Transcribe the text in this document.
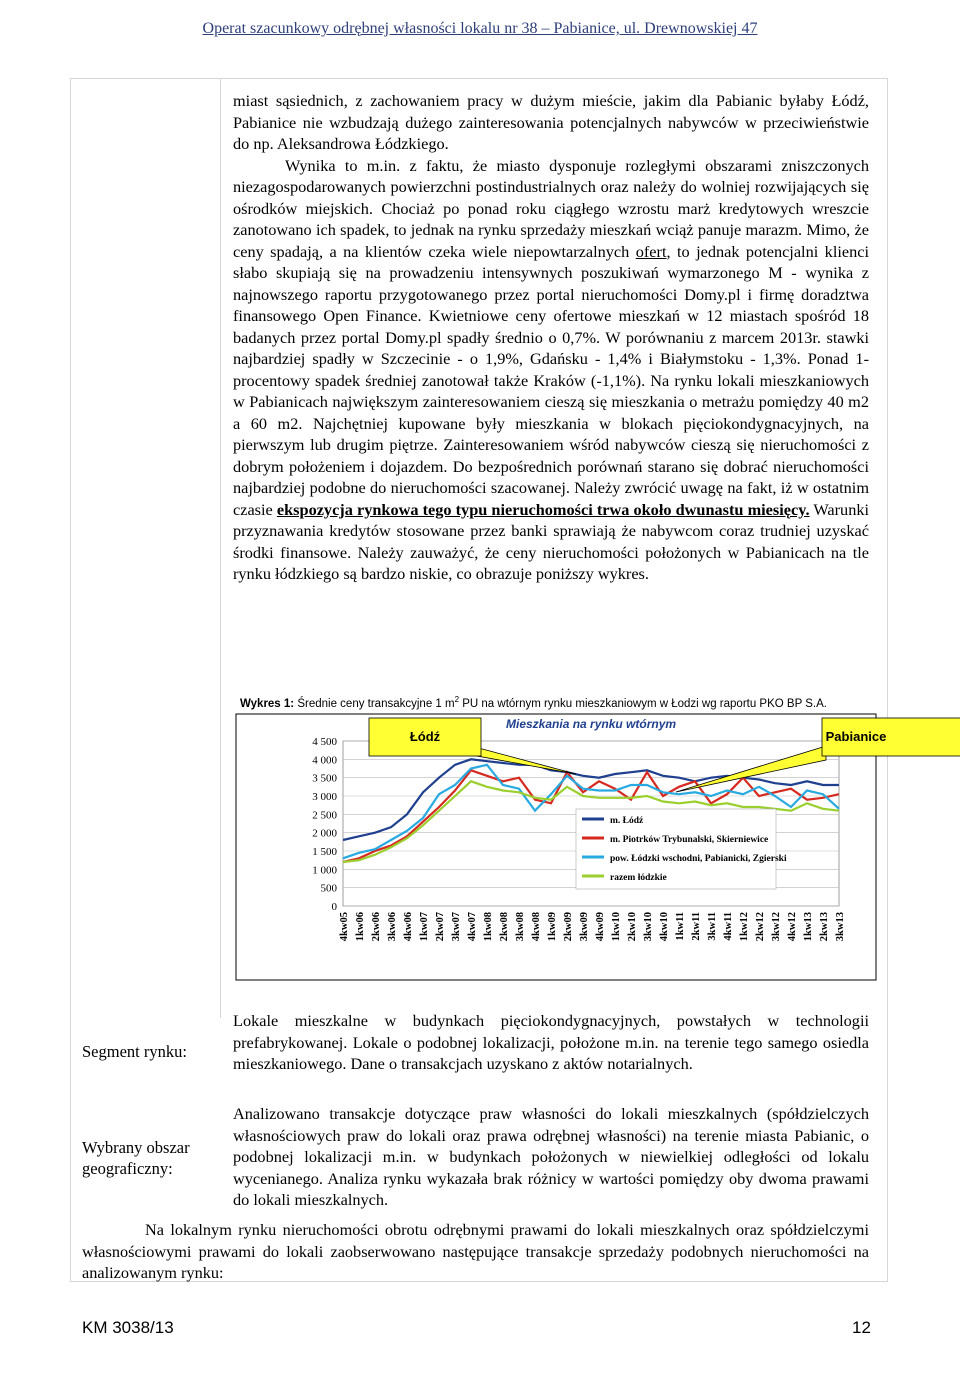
Operat szacunkowy odrębnej własności lokalu nr 38 – Pabianice, ul. Drewnowskiej 47

miast sąsiednich, z zachowaniem pracy w dużym mieście, jakim dla Pabianic byłaby Łódź, Pabianice nie wzbudzają dużego zainteresowania potencjalnych nabywców w przeciwieństwie do np. Aleksandrowa Łódzkiego.

Wynika to m.in. z faktu, że miasto dysponuje rozległymi obszarami zniszczonych niezagospodarowanych powierzchni postindustrialnych oraz należy do wolniej rozwijających się ośrodków miejskich. Chociaż po ponad roku ciągłego wzrostu marż kredytowych wreszcie zanotowano ich spadek, to jednak na rynku sprzedaży mieszkań wciąż panuje marazm. Mimo, że ceny spadają, a na klientów czeka wiele niepowtarzalnych ofert, to jednak potencjalni klienci słabo skupiają się na prowadzeniu intensywnych poszukiwań wymarzonego M - wynika z najnowszego raportu przygotowanego przez portal nieruchomości Domy.pl i firmę doradztwa finansowego Open Finance. Kwietniowe ceny ofertowe mieszkań w 12 miastach spośród 18 badanych przez portal Domy.pl spadły średnio o 0,7%. W porównaniu z marcem 2013r. stawki najbardziej spadły w Szczecinie - o 1,9%, Gdańsku - 1,4% i Białymstoku - 1,3%. Ponad 1-procentowy spadek średniej zanotował także Kraków (-1,1%). Na rynku lokali mieszkaniowych w Pabianicach największym zainteresowaniem cieszą się mieszkania o metrażu pomiędzy 40 m2 a 60 m2. Najchętniej kupowane były mieszkania w blokach pięciokondygnacyjnych, na pierwszym lub drugim piętrze. Zainteresowaniem wśród nabywców cieszą się nieruchomości z dobrym położeniem i dojazdem. Do bezpośrednich porównań starano się dobrać nieruchomości najbardziej podobne do nieruchomości szacowanej. Należy zwrócić uwagę na fakt, iż w ostatnim czasie ekspozycja rynkowa tego typu nieruchomości trwa około dwunastu miesięcy. Warunki przyznawania kredytów stosowane przez banki sprawiają że nabywcom coraz trudniej uzyskać środki finansowe. Należy zauważyć, że ceny nieruchomości położonych w Pabianicach na tle rynku łódzkiego są bardzo niskie, co obrazuje poniższy wykres.

Wykres 1: Średnie ceny transakcyjne 1 $m^2$ PU na wtórnym rynku mieszkaniowym w Łodzi wg raportu PKO BP S.A.
4 500
4 000
3 500
3 000
2 500
2 000
1 500
1 000
500
0
4kw05 1kw06 2kw06 3kw06 4kw06 1kw07 2kw07 3kw07 4kw07 1kw08 2kw08 3kw08 4kw08 1kw09 2kw09 3kw09 4kw09 1kw10 2kw10 3kw10 4kw10 1kw11 2kw11 3kw11 4kw11 1kw12 2kw12 3kw12 4kw12 1kw13 2kw13 3kw13
Mieszkania na rynku wtórnym
m. Łódź
m. Piotrków Trybunalski, Skierniewice
pow. Łódzki wschodni, Pabianicki, Zgierski
razem łódzkie
Łódź	Pabianice
Segment rynku:
Lokale mieszkalne w budynkach pięciokondygnacyjnych, powstałych w technologii prefabrykowanej. Lokale o podobnej lokalizacji, położone m.in. na terenie tego samego osiedla mieszkaniowego. Dane o transakcjach uzyskano z aktów notarialnych.
Wybrany obszar
geograficzny:
Analizowano transakcje dotyczące praw własności do lokali mieszkalnych (spółdzielczych własnościowych praw do lokali oraz prawa odrębnej własności) na terenie miasta Pabianic, o podobnej lokalizacji m.in. w budynkach położonych w niewielkiej odległości od lokalu wycenianego. Analiza rynku wykazała brak różnicy w wartości pomiędzy oby dwoma prawami do lokali mieszkalnych.
Na lokalnym rynku nieruchomości obrotu odrębnymi prawami do lokali mieszkalnych oraz spółdzielczymi własnościowymi prawami do lokali zaobserwowano następujące transakcje sprzedaży podobnych nieruchomości na analizowanym rynku:
KM 3038/13	12
